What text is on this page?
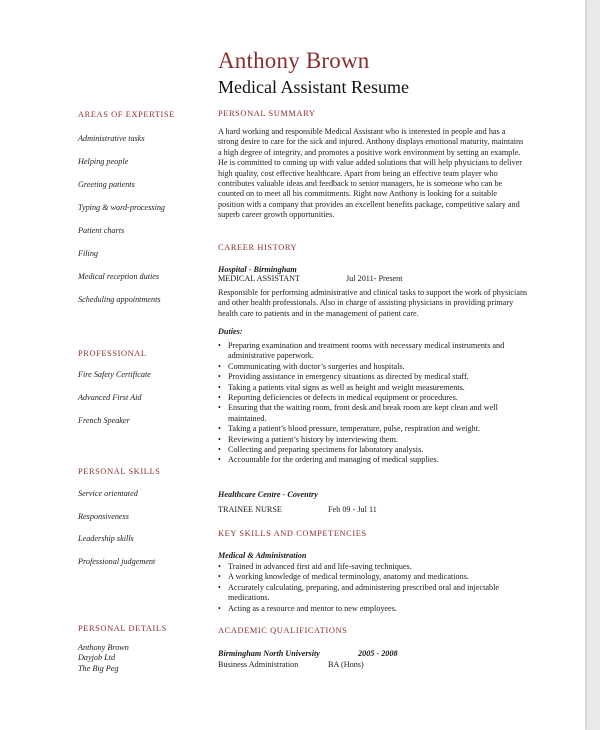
Anthony Brown
Medical Assistant Resume
AREAS OF EXPERTISE
Administrative tasks
Helping people
Greeting patients
Typing & word-processing
Patient charts
Filing
Medical reception duties
Scheduling appointments
PROFESSIONAL
Fire Safety Certificate
Advanced First Aid
French Speaker
PERSONAL SKILLS
Service orientated
Responsiveness
Leadership skills
Professional judgement
PERSONAL DETAILS
Anthony Brown
Dayjob Ltd
The Big Peg
PERSONAL SUMMARY
A hard working and responsible Medical Assistant who is interested in people and has a strong desire to care for the sick and injured. Anthony displays emotional maturity, maintains a high degree of integrity, and promotes a positive work environment by setting an example. He is committed to coming up with value added solutions that will help physicians to deliver high quality, cost effective healthcare. Apart from being an effective team player who contributes valuable ideas and feedback to senior managers, he is someone who can be counted on to meet all his commitments. Right now Anthony is looking for a suitable position with a company that provides an excellent benefits package, competitive salary and superb career growth opportunities.
CAREER HISTORY
Hospital - Birmingham
MEDICAL ASSISTANT	Jul 2011- Present
Responsible for performing administrative and clinical tasks to support the work of physicians and other health professionals. Also in charge of assisting physicians in providing primary health care to patients and in the management of patient care.
Duties:
• Preparing examination and treatment rooms with necessary medical instruments and administrative paperwork.
• Communicating with doctor’s surgeries and hospitals.
• Providing assistance in emergency situations as directed by medical staff.
• Taking a patients vital signs as well as height and weight measurements.
• Reporting deficiencies or defects in medical equipment or procedures.
• Ensuring that the waiting room, front desk and break room are kept clean and well maintained.
• Taking a patient’s blood pressure, temperature, pulse, respiration and weight.
• Reviewing a patient’s history by interviewing them.
• Collecting and preparing specimens for laboratory analysis.
• Accountable for the ordering and managing of medical supplies.
Healthcare Centre - Coventry
TRAINEE NURSE	Feb 09 - Jul 11
KEY SKILLS AND COMPETENCIES
Medical & Administration
• Trained in advanced first aid and life-saving techniques.
• A working knowledge of medical terminology, anatomy and medications.
• Accurately calculating, preparing, and administering prescribed oral and injectable medications.
• Acting as a resource and mentor to new employees.
ACADEMIC QUALIFICATIONS
Birmingham North University	2005 - 2008
Business Administration	BA (Hons)
